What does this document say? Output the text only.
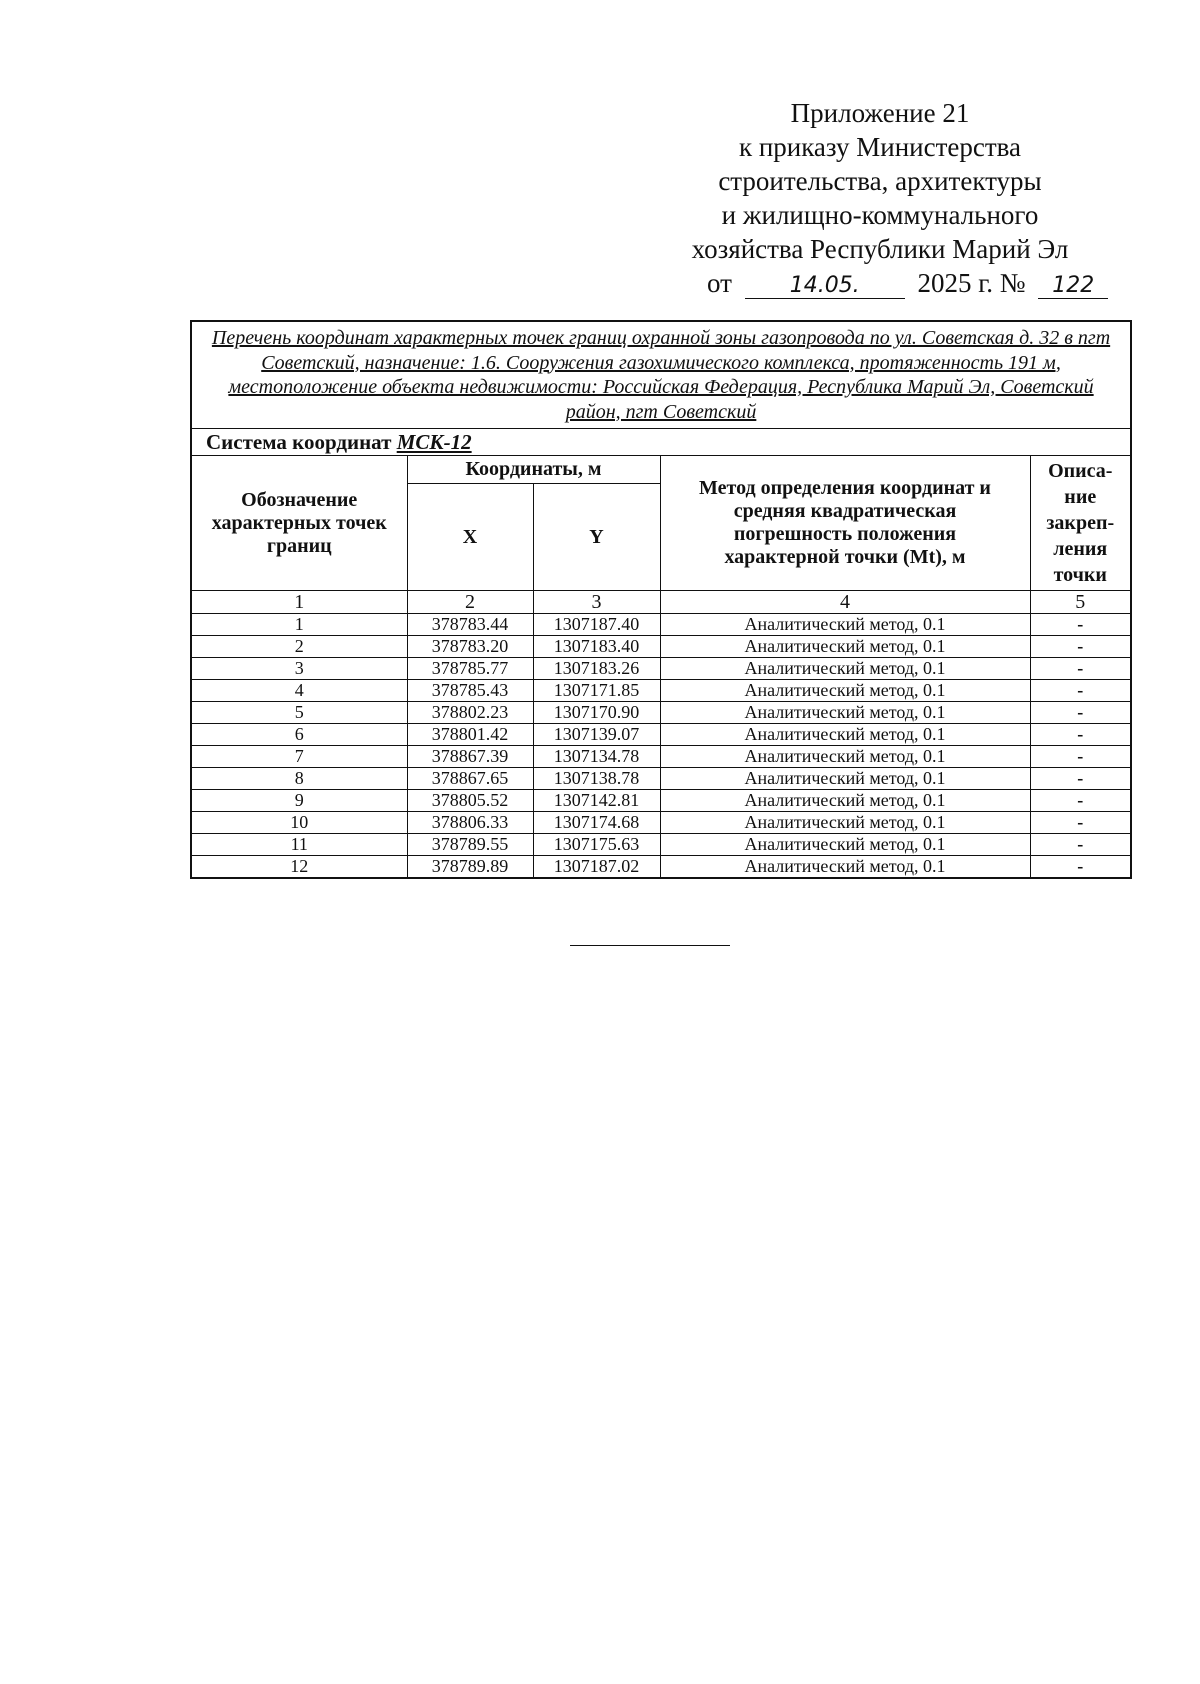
Приложение 21
к приказу Министерства
строительства, архитектуры
и жилищно-коммунального
хозяйства Республики Марий Эл
от	14.05. 2025 г. № 122
Перечень координат характерных точек границ охранной зоны газопровода по ул. Советская д. 32 в пгт Советский, назначение: 1.6. Сооружения газохимического комплекса, протяженность 191 м, местоположение объекта недвижимости: Российская Федерация, Республика Марий Эл, Советский район, пгт Советский				
Система координат МСК-12				
Обозначение характерных точек границ	Координаты, м		Метод определения координат и средняя квадратическая погрешность положения характерной точки (Mt), м	Описа-ние закреп-ления точки
	X	Y		
1	2	3	4	5
1	378783.44	1307187.40	Аналитический метод, 0.1	-
2	378783.20	1307183.40	Аналитический метод, 0.1	-
3	378785.77	1307183.26	Аналитический метод, 0.1	-
4	378785.43	1307171.85	Аналитический метод, 0.1	-
5	378802.23	1307170.90	Аналитический метод, 0.1	-
6	378801.42	1307139.07	Аналитический метод, 0.1	-
7	378867.39	1307134.78	Аналитический метод, 0.1	-
8	378867.65	1307138.78	Аналитический метод, 0.1	-
9	378805.52	1307142.81	Аналитический метод, 0.1	-
10	378806.33	1307174.68	Аналитический метод, 0.1	-
11	378789.55	1307175.63	Аналитический метод, 0.1	-
12	378789.89	1307187.02	Аналитический метод, 0.1	-
